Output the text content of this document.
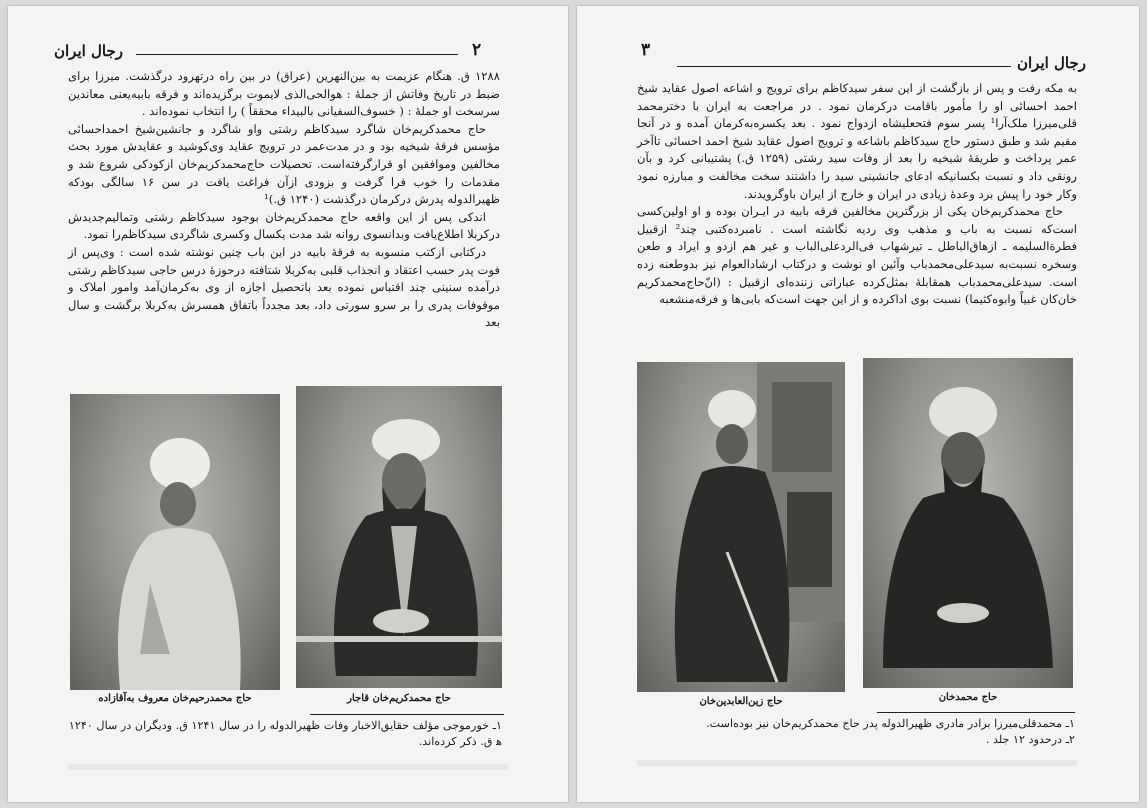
رجال ایران	۲

۱۲۸۸ ق. هنگام عزیمت به بین‌النهرین (عراق) در بین راه درتهرود درگذشت. میرزا برای ضبط در تاریخ وفاتش از جملهٔ : هوالحی‌الذی لایموت برگزیده‌اند و فرقه بابیه‌یعنی معاندین سرسخت او جملهٔ : ( خسوف‌السفیانی بالبیداء محققاً ) را انتخاب نموده‌اند .

حاج محمدکریم‌خان شاگرد سیدکاظم رشتی واو شاگرد و جانشین‌شیخ احمداحسائی مؤسس فرقهٔ شیخیه بود و در مدت‌عمر در ترویج عقاید وی‌کوشید و عقایدش مورد بحث مخالفین وموافقین او قرارگرفته‌است. تحصیلات حاج‌محمدکریم‌خان ازکودکی شروع شد و مقدمات را خوب فرا گرفت و بزودی ازآن فراغت یافت در سن ۱۶ سالگی بودکه ظهیرالدوله پدرش درکرمان درگذشت (۱۲۴۰ ق.)¹

اندکی پس از این واقعه حاج محمدکریم‌خان بوجود سیدکاظم رشتی وتمالیم‌جدیدش درکربلا اطلاع‌یافت وبدانسوی روانه شد مدت یکسال وکسری شاگردی سیدکاظم‌را نمود.

درکتابی ازکتب منسوبه به فرقهٔ بابیه در این باب چنین نوشته شده است : وی‌پس از فوت پدر حسب اعتقاد و انجذاب قلبی به‌کربلا شتافته درحوزهٔ درس حاجی سیدکاظم رشتی درآمده سنینی چند اقتباس نموده بعد باتحصیل اجازه از وی به‌کرمان‌آمد وامور املاک و موقوفات پدری را بر سرو سورتی داد، بعد مجدداً باتفاق همسرش به‌کربلا برگشت و سال بعد

حاج محمدکریم‌خان قاجار
حاج محمدرحیم‌خان معروف به‌آقازاده

۱ـ خورموجی مؤلف حقایق‌الاخبار وفات ظهیرالدوله را در سال ۱۲۴۱ ق. ودیگران در سال ۱۲۴۰ ه‍ ق. ذکر کرده‌اند.

۳
رجال ایران

به مکه رفت و پس از بازگشت از این سفر سیدکاظم برای ترویج و اشاعه اصول عقاید شیخ احمد احسائی او را مأمور باقامت درکرمان نمود . در مراجعت به ایران با دخترمحمد قلی‌میرزا ملک‌آرا¹ پسر سوم فتحعلیشاه ازدواج نمود . بعد یکسره‌به‌کرمان آمده و در آنجا مقیم شد و طبق دستور حاج سیدکاظم باشاعه و ترویج اصول عقاید شیخ احمد احسائی تاآخر عمر پرداخت و طریقهٔ شیخیه را بعد از وفات سید رشتی (۱۲۵۹ ق.) پشتیبانی کرد و بآن رونقی داد و نسبت بکسانیکه ادعای جانشینی سید را داشتند سخت مخالفت و مبارزه نمود وکار خود را پیش برد وعدهٔ زیادی در ایران و خارج از ایران باوگرویدند.

حاج محمدکریم‌خان یکی از بزرگترین مخالفین فرقه بابیه در ایـران بوده و او اولین‌کسی است‌که نسبت به باب و مذهب وی ردیه نگاشته است . نامبرده‌کتبی چند² ازقبیل فطرةالسلیمه ـ ازهاق‌الباطل ـ تیرشهاب فی‌الردعلی‌الباب و غیر هم ازدو و ایراد و طعن وسخره نسبت‌به سیدعلی‌محمدباب وآئین او نوشت و درکتاب ارشادالعوام نیز بدوطعنه زده است. سیدعلی‌محمدباب همقابلهٔ بمثل‌کرده عباراتی زننده‌ای ازقبیل : (انّ‌حاج‌محمدکریم خان‌کان غبیاً وابوه‌کثیما) نسبت بوی اداکرده و از این جهت است‌که بابی‌ها و فرقه‌منشعبه

حاج زین‌العابدین‌خان	حاج محمدخان

۱ـ محمدقلی‌میرزا برادر مادری ظهیرالدوله پدر حاج محمدکریم‌خان نیز بوده‌است.

۲ـ درحدود ۱۲ جلد .
